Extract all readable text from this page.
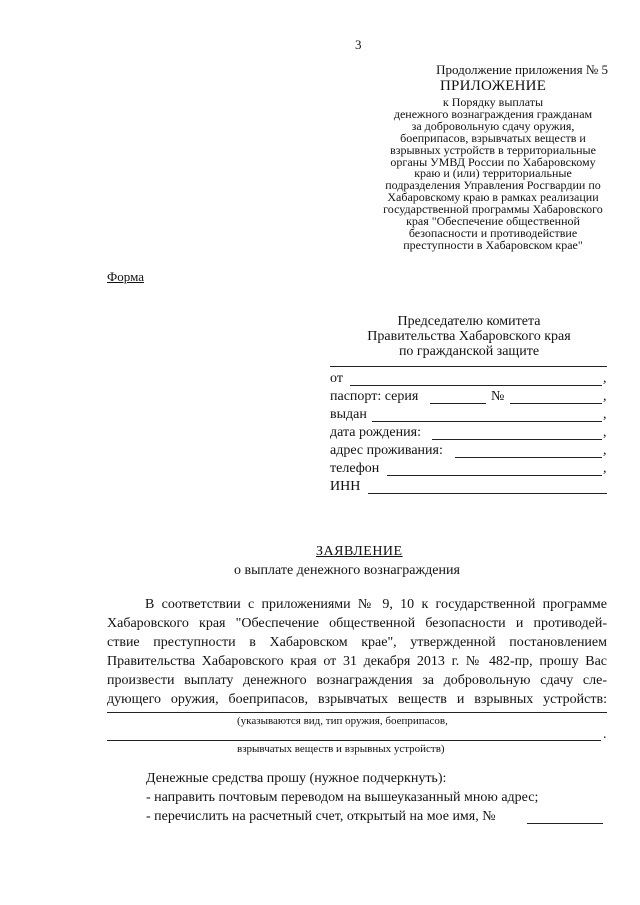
3
Продолжение приложения № 5
ПРИЛОЖЕНИЕ
к Порядку выплаты
денежного вознаграждения гражданам
за добровольную сдачу оружия,
боеприпасов, взрывчатых веществ и
взрывных устройств в территориальные
органы УМВД России по Хабаровскому
краю и (или) территориальные
подразделения Управления Росгвардии по
Хабаровскому краю в рамках реализации
государственной программы Хабаровского
края "Обеспечение общественной
безопасности и противодействие
преступности в Хабаровском крае"
Форма
Председателю комитета
Правительства Хабаровского края
по гражданской защите
от	,
паспорт: серия	№	,
выдан	,
дата рождения:	,
адрес проживания:	,
телефон	,
ИНН
ЗАЯВЛЕНИЕ
о выплате денежного вознаграждения
В соответствии с приложениями № 9, 10 к государственной программе
Хабаровского края "Обеспечение общественной безопасности и противодей-
ствие преступности в Хабаровском крае", утвержденной постановлением
Правительства Хабаровского края от 31 декабря 2013 г. № 482-пр, прошу Вас
произвести выплату денежного вознаграждения за добровольную сдачу сле-
дующего оружия, боеприпасов, взрывчатых веществ и взрывных устройств:
(указываются вид, тип оружия, боеприпасов,
.
взрывчатых веществ и взрывных устройств)
Денежные средства прошу (нужное подчеркнуть):
- направить почтовым переводом на вышеуказанный мною адрес;
- перечислить на расчетный счет, открытый на мое имя, №
